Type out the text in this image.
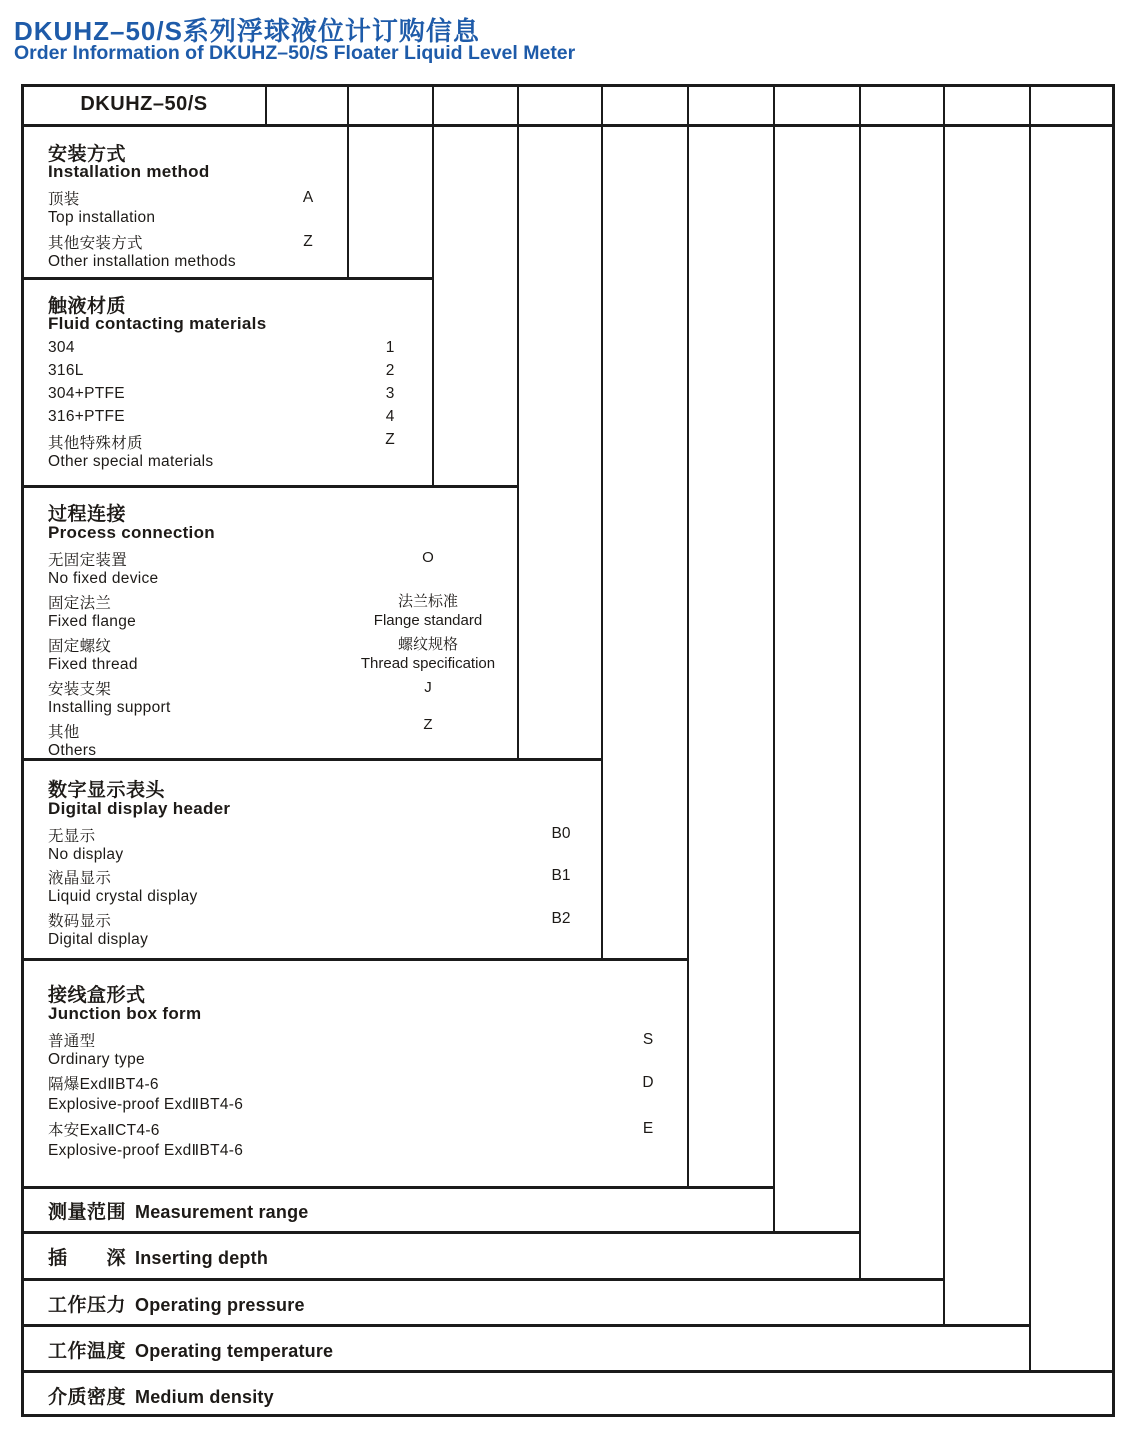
DKUHZ–50/S系列浮球液位计订购信息
Order Information of DKUHZ–50/S Floater Liquid Level Meter
DKUHZ–50/S
安装方式
Installation method
顶装
Top installation
其他安装方式
Other installation methods
A
Z
触液材质
Fluid contacting materials
304
316L
304+PTFE
316+PTFE
其他特殊材质
Other special materials
1
2
3
4
Z
过程连接
Process connection
无固定装置
No fixed device
固定法兰
Fixed flange
固定螺纹
Fixed thread
安装支架
Installing support
其他
Others
O
法兰标准
Flange standard
螺纹规格
Thread specification
J
Z
数字显示表头
Digital display header
无显示
No display
液晶显示
Liquid crystal display
数码显示
Digital display
B0
B1
B2
接线盒形式
Junction box form
普通型
Ordinary type
隔爆ExdⅡBT4-6
Explosive-proof ExdⅡBT4-6
本安ExaⅡCT4-6
Explosive-proof ExdⅡBT4-6
S
D
E
测量范围 Measurement range
插　　深 Inserting depth
工作压力 Operating pressure
工作温度 Operating temperature
介质密度 Medium density
